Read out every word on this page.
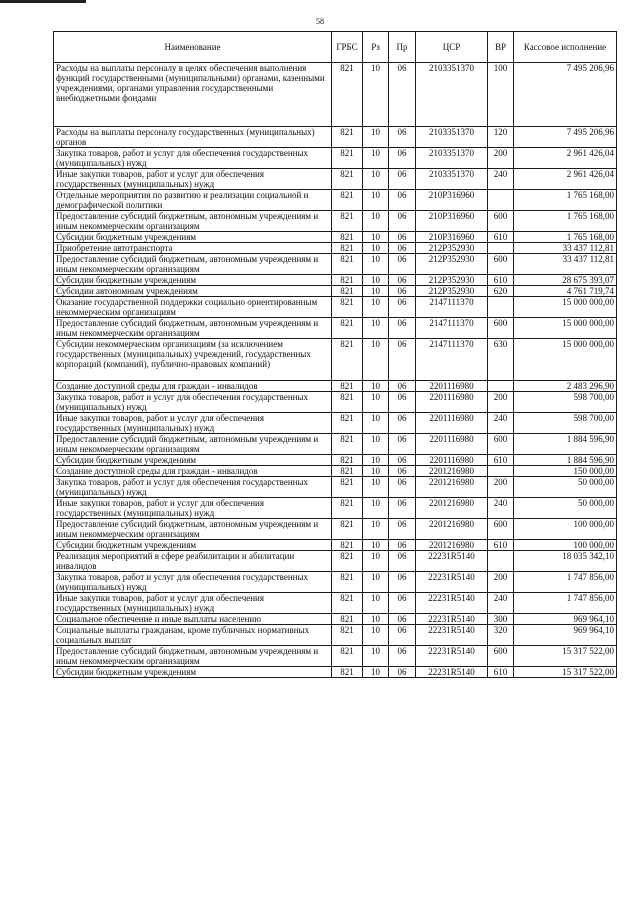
58
Наименование	ГРБС	Рз	Пр	ЦСР	ВР	Кассовое исполнение
Расходы на выплаты персоналу в целях обеспечения выполнения функций государственными (муниципальными) органами, казенными учреждениями, органами управления государственными внебюджетными фондами	821	10	06	2103351370	100	7 495 206,96
Расходы на выплаты персоналу государственных (муниципальных) органов	821	10	06	2103351370	120	7 495 206,96
Закупка товаров, работ и услуг для обеспечения государственных (муниципальных) нужд	821	10	06	2103351370	200	2 961 426,04
Иные закупки товаров, работ и услуг для обеспечения государственных (муниципальных) нужд	821	10	06	2103351370	240	2 961 426,04
Отдельные мероприятия по развитию и реализации социальной и демографической политики	821	10	06	210P316960		1 765 168,00
Предоставление субсидий бюджетным, автономным учреждениям и иным некоммерческим организациям	821	10	06	210P316960	600	1 765 168,00
Субсидии бюджетным учреждениям	821	10	06	210P316960	610	1 765 168,00
Приобретение автотранспорта	821	10	06	212P352930		33 437 112,81
Предоставление субсидий бюджетным, автономным учреждениям и иным некоммерческим организациям	821	10	06	212P352930	600	33 437 112,81
Субсидии бюджетным учреждениям	821	10	06	212P352930	610	28 675 393,07
Субсидии автономным учреждениям	821	10	06	212P352930	620	4 761 719,74
Оказание государственной поддержки социально ориентированным некоммерческим организациям	821	10	06	2147111370		15 000 000,00
Предоставление субсидий бюджетным, автономным учреждениям и иным некоммерческим организациям	821	10	06	2147111370	600	15 000 000,00
Субсидии некоммерческим организациям (за исключением государственных (муниципальных) учреждений, государственных корпораций (компаний), публично-правовых компаний)	821	10	06	2147111370	630	15 000 000,00
Создание доступной среды для граждан - инвалидов	821	10	06	2201116980		2 483 296,90
Закупка товаров, работ и услуг для обеспечения государственных (муниципальных) нужд	821	10	06	2201116980	200	598 700,00
Иные закупки товаров, работ и услуг для обеспечения государственных (муниципальных) нужд	821	10	06	2201116980	240	598 700,00
Предоставление субсидий бюджетным, автономным учреждениям и иным некоммерческим организациям	821	10	06	2201116980	600	1 884 596,90
Субсидии бюджетным учреждениям	821	10	06	2201116980	610	1 884 596,90
Создание доступной среды для граждан - инвалидов	821	10	06	2201216980		150 000,00
Закупка товаров, работ и услуг для обеспечения государственных (муниципальных) нужд	821	10	06	2201216980	200	50 000,00
Иные закупки товаров, работ и услуг для обеспечения государственных (муниципальных) нужд	821	10	06	2201216980	240	50 000,00
Предоставление субсидий бюджетным, автономным учреждениям и иным некоммерческим организациям	821	10	06	2201216980	600	100 000,00
Субсидии бюджетным учреждениям	821	10	06	2201216980	610	100 000,00
Реализация мероприятий в сфере реабилитации и абилитации инвалидов	821	10	06	22231R5140		18 035 342,10
Закупка товаров, работ и услуг для обеспечения государственных (муниципальных) нужд	821	10	06	22231R5140	200	1 747 856,00
Иные закупки товаров, работ и услуг для обеспечения государственных (муниципальных) нужд	821	10	06	22231R5140	240	1 747 856,00
Социальное обеспечение и иные выплаты населению	821	10	06	22231R5140	300	969 964,10
Социальные выплаты гражданам, кроме публичных нормативных социальных выплат	821	10	06	22231R5140	320	969 964,10
Предоставление субсидий бюджетным, автономным учреждениям и иным некоммерческим организациям	821	10	06	22231R5140	600	15 317 522,00
Субсидии бюджетным учреждениям	821	10	06	22231R5140	610	15 317 522,00
